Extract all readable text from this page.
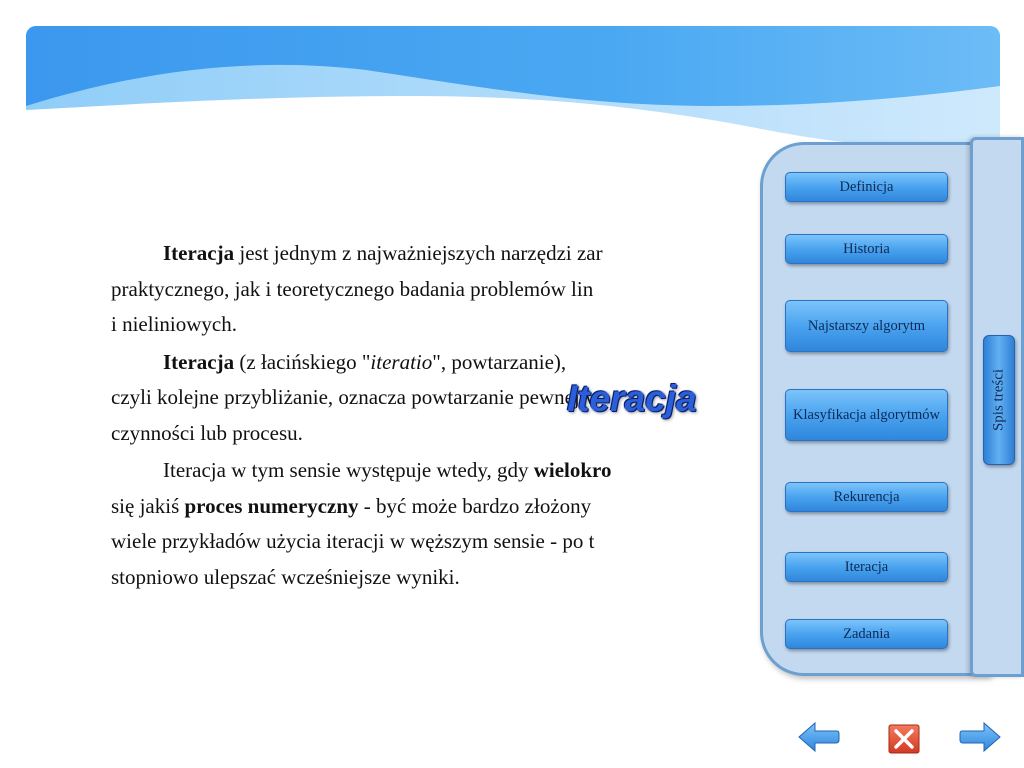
Iteracja jest jednym z najważniejszych narzędzi zar
praktycznego, jak i teoretycznego badania problemów lin
i nieliniowych.

Iteracja (z łacińskiego "iteratio", powtarzanie),
czyli kolejne przybliżanie, oznacza powtarzanie pewnej w
czynności lub procesu.

Iteracja w tym sensie występuje wtedy, gdy wielokro
się jakiś proces numeryczny - być może bardzo złożony
wiele przykładów użycia iteracji w węższym sensie - po t
stopniowo ulepszać wcześniejsze wyniki.

Iteracja	Spis treści
Definicja
Historia
Najstarszy algorytm
Klasyfikacja algorytmów
Rekurencja
Iteracja
Zadania
